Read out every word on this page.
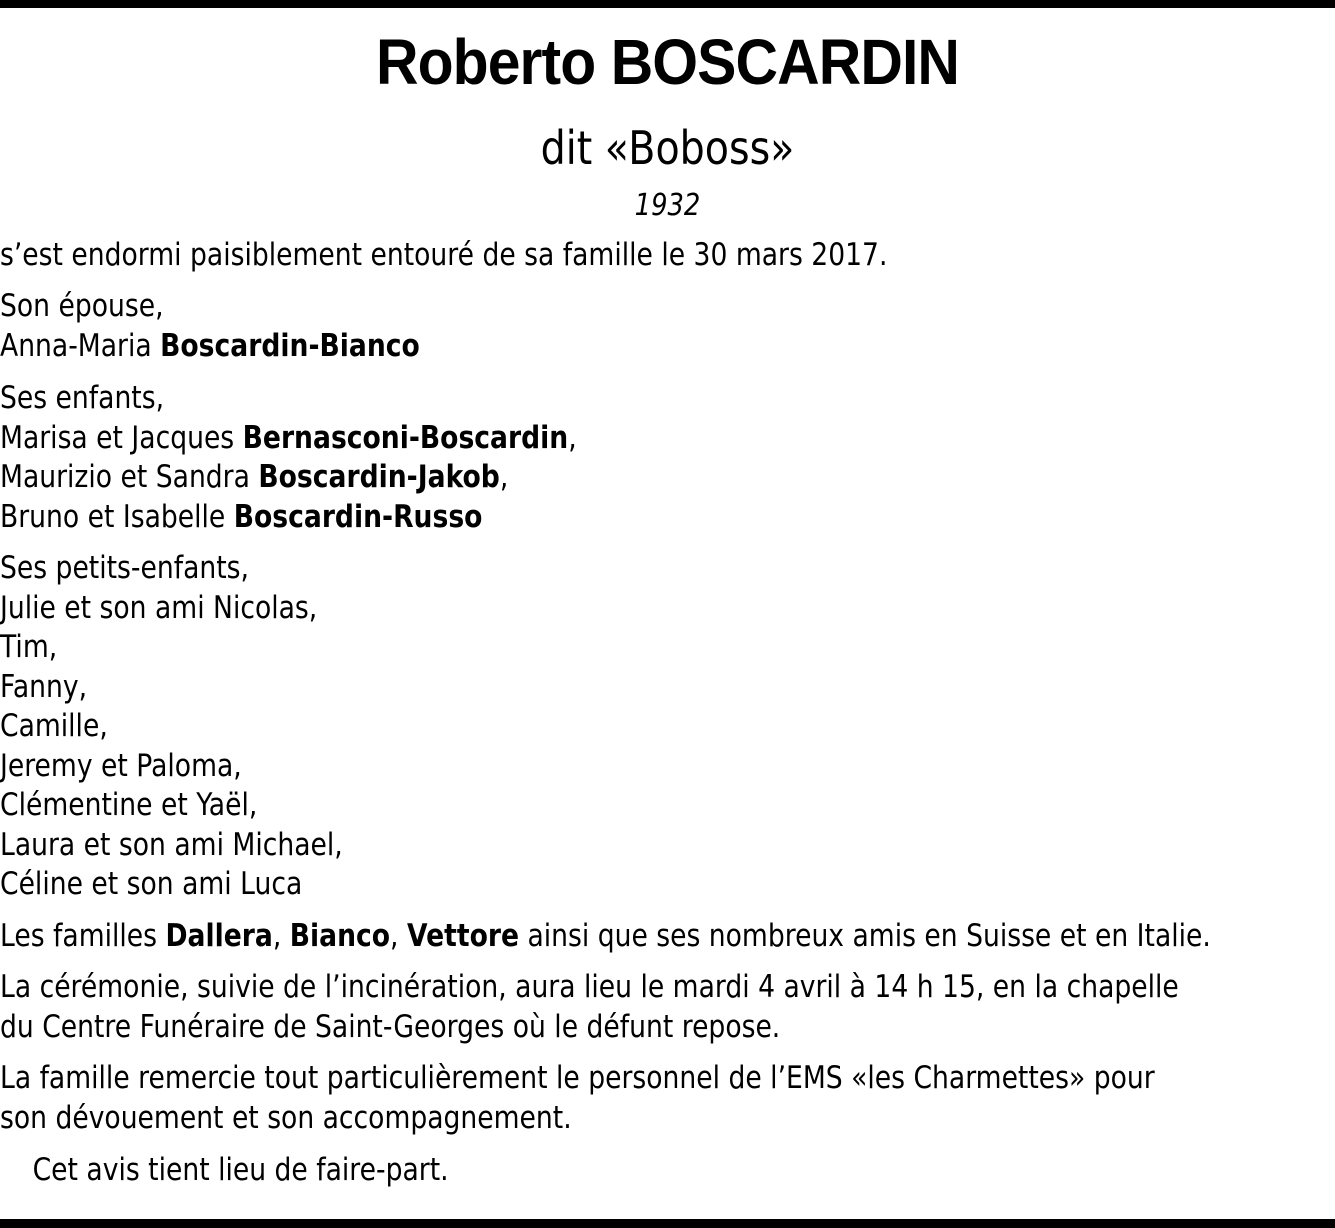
Roberto BOSCARDIN
dit «Boboss»
1932
s’est endormi paisiblement entouré de sa famille le 30 mars 2017.
Son épouse,
Anna-Maria Boscardin-Bianco
Ses enfants,
Marisa et Jacques Bernasconi-Boscardin,
Maurizio et Sandra Boscardin-Jakob,
Bruno et Isabelle Boscardin-Russo
Ses petits-enfants,
Julie et son ami Nicolas,
Tim,
Fanny,
Camille,
Jeremy et Paloma,
Clémentine et Yaël,
Laura et son ami Michael,
Céline et son ami Luca
Les familles Dallera, Bianco, Vettore ainsi que ses nombreux amis en Suisse et en Italie.
La cérémonie, suivie de l’incinération, aura lieu le mardi 4 avril à 14 h 15, en la chapelle
du Centre Funéraire de Saint-Georges où le défunt repose.
La famille remercie tout particulièrement le personnel de l’EMS «les Charmettes» pour
son dévouement et son accompagnement.
Cet avis tient lieu de faire-part.
